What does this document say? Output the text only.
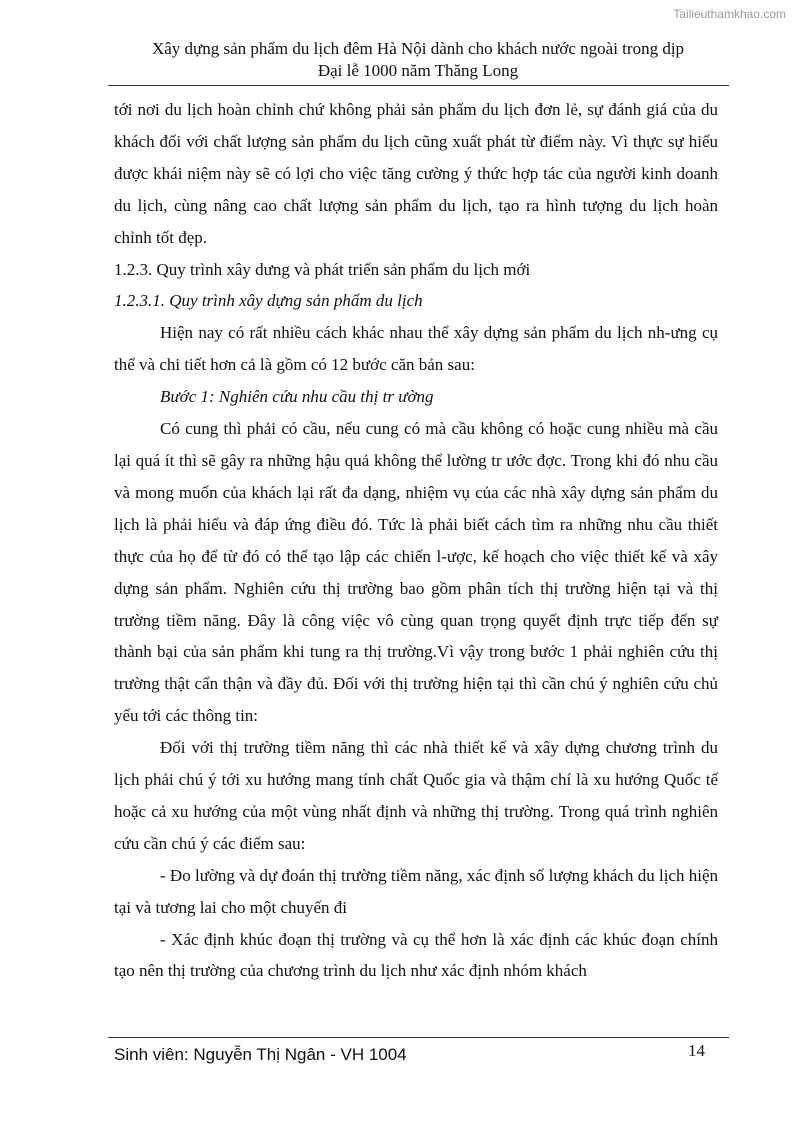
Tailieuthamkhao.com
Xây dựng sản phẩm du lịch đêm Hà Nội dành cho khách nước ngoài trong dịp
Đại lễ 1000 năm Thăng Long

tới nơi du lịch hoàn chỉnh chứ không phải sản phẩm du lịch đơn lẻ, sự đánh giá của du khách đối với chất lượng sản phẩm du lịch cũng xuất phát từ điểm này. Vì thực sự hiểu được khái niệm này sẽ có lợi cho việc tăng cường ý thức hợp tác của người kinh doanh du lịch, cùng nâng cao chất lượng sản phẩm du lịch, tạo ra hình tượng du lịch hoàn chỉnh tốt đẹp.

1.2.3. Quy trình xây dưng và phát triển sản phẩm du lịch mới

1.2.3.1. Quy trình xây dựng sản phẩm du lịch

Hiện nay có rất nhiều cách khác nhau thể xây dựng sản phẩm du lịch nh-ưng cụ thể và chi tiết hơn cả là gồm có 12 bước căn bản sau:

Bước 1: Nghiên cứu nhu cầu thị tr ường

Có cung thì phải có cầu, nếu cung có mà cầu không có hoặc cung nhiều mà cầu lại quá ít thì sẽ gây ra những hậu quả không thể lường tr ước đợc. Trong khi đó nhu cầu và mong muốn của khách lại rất đa dạng, nhiệm vụ của các nhà xây dựng sản phẩm du lịch là phải hiểu và đáp ứng điều đó. Tức là phải biết cách tìm ra những nhu cầu thiết thực của họ để từ đó có thể tạo lập các chiến l-ược, kế hoạch cho việc thiết kế và xây dựng sản phẩm. Nghiên cứu thị trường bao gồm phân tích thị trường hiện tại và thị trường tiềm năng. Đây là công việc vô cùng quan trọng quyết định trực tiếp đến sự thành bại của sản phẩm khi tung ra thị trường.Vì vậy trong bước 1 phải nghiên cứu thị trường thật cẩn thận và đầy đủ. Đối với thị trường hiện tại thì cần chú ý nghiên cứu chủ yếu tới các thông tin:

Đối với thị trường tiềm năng thì các nhà thiết kế và xây dựng chương trình du lịch phải chú ý tới xu hướng mang tính chất Quốc gia và thậm chí là xu hướng Quốc tế hoặc cả xu hướng của một vùng nhất định và những thị trường. Trong quá trình nghiên cứu cần chú ý các điểm sau:

- Đo lường và dự đoán thị trường tiềm năng, xác định số lượng khách du lịch hiện tại và tương lai cho một chuyến đi

- Xác định khúc đoạn thị trường và cụ thể hơn là xác định các khúc đoạn chính tạo nên thị trường của chương trình du lịch như xác định nhóm khách

Sinh viên: Nguyễn Thị Ngân - VH 1004	14
